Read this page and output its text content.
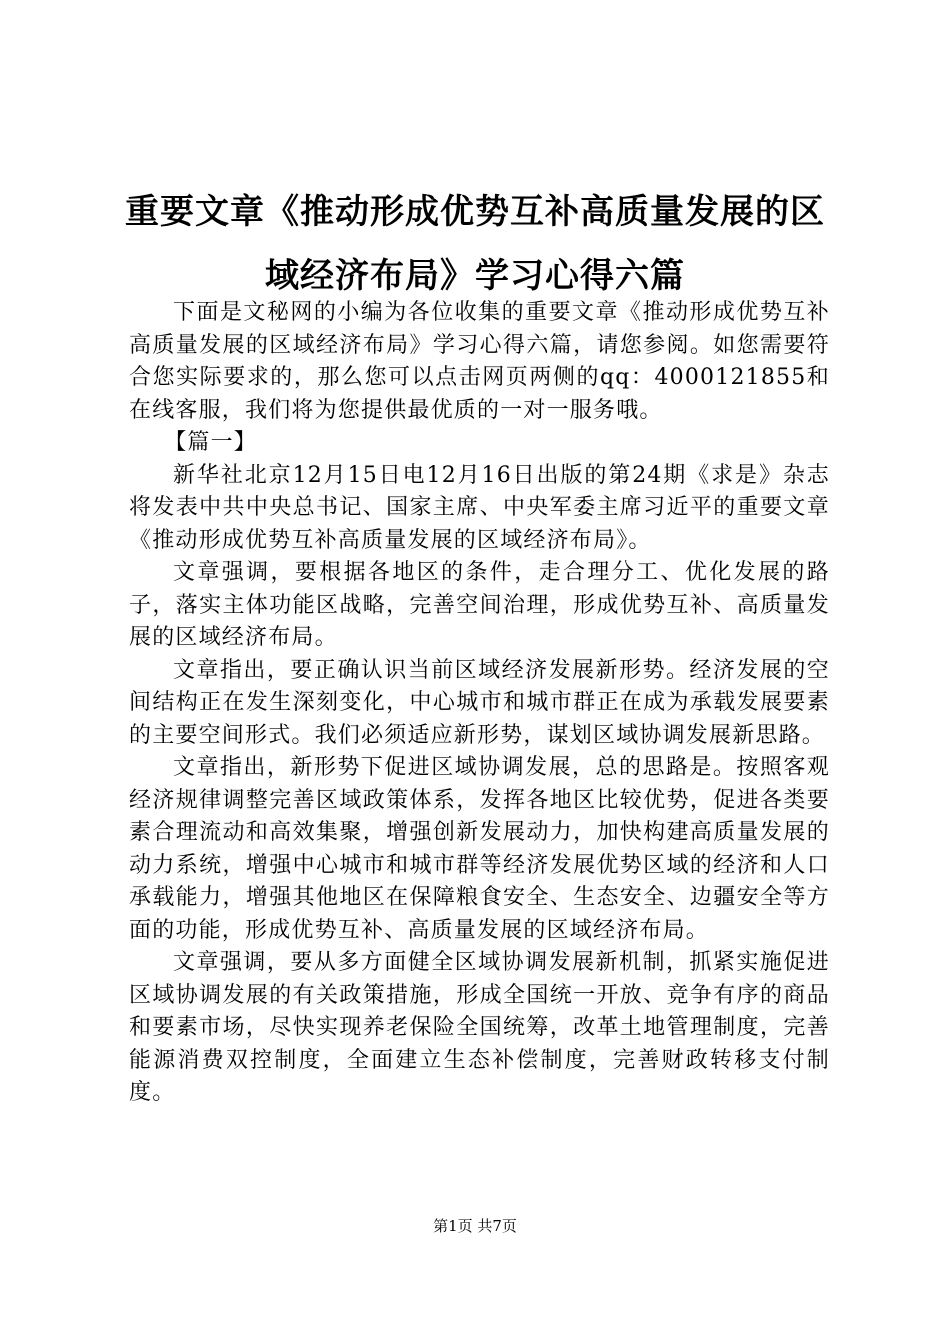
重要文章《推动形成优势互补高质量发展的区域经济布局》学习心得六篇

下面是文秘网的小编为各位收集的重要文章《推动形成优势互补高质量发展的区域经济布局》学习心得六篇，请您参阅。如您需要符合您实际要求的，那么您可以点击网页两侧的qq：4000121855和在线客服，我们将为您提供最优质的一对一服务哦。

【篇一】

新华社北京12月15日电12月16日出版的第24期《求是》杂志将发表中共中央总书记、国家主席、中央军委主席习近平的重要文章《推动形成优势互补高质量发展的区域经济布局》。

文章强调，要根据各地区的条件，走合理分工、优化发展的路子，落实主体功能区战略，完善空间治理，形成优势互补、高质量发展的区域经济布局。

文章指出，要正确认识当前区域经济发展新形势。经济发展的空间结构正在发生深刻变化，中心城市和城市群正在成为承载发展要素的主要空间形式。我们必须适应新形势，谋划区域协调发展新思路。

文章指出，新形势下促进区域协调发展，总的思路是。按照客观经济规律调整完善区域政策体系，发挥各地区比较优势，促进各类要素合理流动和高效集聚，增强创新发展动力，加快构建高质量发展的动力系统，增强中心城市和城市群等经济发展优势区域的经济和人口承载能力，增强其他地区在保障粮食安全、生态安全、边疆安全等方面的功能，形成优势互补、高质量发展的区域经济布局。

文章强调，要从多方面健全区域协调发展新机制，抓紧实施促进区域协调发展的有关政策措施，形成全国统一开放、竞争有序的商品和要素市场，尽快实现养老保险全国统筹，改革土地管理制度，完善能源消费双控制度，全面建立生态补偿制度，完善财政转移支付制度。

第1页 共7页
